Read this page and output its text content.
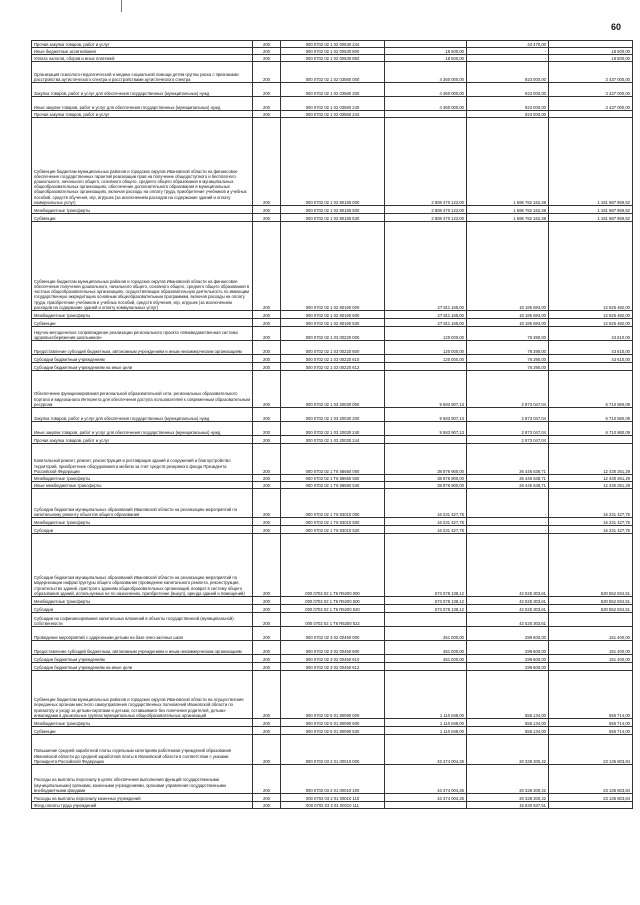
60
Прочая закупка товаров, работ и услуг	200	000 0702 02 1 02 00530 244		43 470,00	
Иные бюджетные ассигнования	200	000 0702 02 1 02 00530 800	18 500,00	-	18 500,00
Уплата налогов, сборов и иных платежей	200	000 0702 02 1 02 00530 850	18 500,00	-	18 500,00
Организация психолого-педагогической и медико-социальной помощи детям группы риска с признаками расстройства аутистического спектра и расстройствами аутистического спектра	200	000 0702 02 1 02 03560 000	4 360 000,00	923 000,00	3 437 000,00
Закупка товаров, работ и услуг для обеспечения государственных (муниципальных) нужд	200	000 0702 02 1 02 03560 200	4 360 000,00	923 000,00	3 437 000,00
Иные закупки товаров, работ и услуг для обеспечения государственных (муниципальных) нужд	200	000 0702 02 1 02 03560 240	4 360 000,00	923 000,00	3 437 000,00
Прочая закупка товаров, работ и услуг	200	000 0702 02 1 02 03560 244		923 000,00	
Субвенции бюджетам муниципальных районов и городских округов Ивановской области на финансовое обеспечение государственных гарантий реализации прав на получение общедоступного и бесплатного дошкольного, начального общего, основного общего, среднего общего образования в муниципальных общеобразовательных организациях, обеспечение дополнительного образования в муниципальных общеобразовательных организациях, включая расходы на оплату труда, приобретение учебников и учебных пособий, средств обучения, игр, игрушек (за исключением расходов на содержание зданий и оплату коммунальных услуг)	200	000 0702 02 1 02 80150 000	2 858 470 122,00	1 696 782 162,48	1 161 687 959,52
Межбюджетные трансферты	200	000 0702 02 1 02 80150 500	2 858 470 122,00	1 696 782 162,48	1 161 687 959,52
Субвенции	200	000 0702 02 1 02 80150 530	2 858 470 122,00	1 696 782 162,48	1 161 687 959,52
Субвенции бюджетам муниципальных районов и городских округов Ивановской области на финансовое обеспечение получения дошкольного, начального общего, основного общего, среднего общего образования в частных общеобразовательных организациях, осуществляющих образовательную деятельность по имеющим государственную аккредитацию основным общеобразовательным программам, включая расходы на оплату труда, приобретение учебников и учебных пособий, средств обучения, игр, игрушек (за исключением расходов на содержание зданий и оплату коммунальных услуг)	200	000 0702 02 1 02 80160 000	27 811 165,00	15 185 683,00	12 625 482,00
Межбюджетные трансферты	200	000 0702 02 1 02 80160 500	27 811 165,00	15 185 683,00	12 625 482,00
Субвенции	200	000 0702 02 1 02 80160 530	27 811 165,00	15 185 683,00	12 625 482,00
Научно-методическое сопровождение реализации регионального проекта «Межведомственная система здоровьесбережения школьников»	200	000 0702 02 1 03 00220 000	120 000,00	76 390,00	43 610,00
Предоставление субсидий бюджетным, автономным учреждениям и иным некоммерческим организациям	200	000 0702 02 1 03 00220 600	120 000,00	76 390,00	43 610,00
Субсидии бюджетным учреждениям	200	000 0702 02 1 03 00220 610	120 000,00	76 390,00	43 610,00
Субсидии бюджетным учреждениям на иные цели	200	000 0702 02 1 03 00220 612		76 390,00	
Обеспечение функционирования региональной образовательной сети, региональных образовательного портала и видеоканала Интернета для обеспечения доступа пользователей к современным образовательным ресурсам	200	000 0702 02 1 03 20030 000	9 583 907,13	2 873 047,04	6 710 860,09
Закупка товаров, работ и услуг для обеспечения государственных (муниципальных) нужд	200	000 0702 02 1 03 20030 200	9 583 907,13	2 873 047,04	6 710 860,09
Иные закупки товаров, работ и услуг для обеспечения государственных (муниципальных) нужд	200	000 0702 02 1 03 20030 240	9 583 907,13	2 873 047,04	6 710 860,09
Прочая закупка товаров, работ и услуг	200	000 0702 02 1 03 20030 244		2 873 047,04	
Капитальный ремонт, ремонт, реконструкция и реставрация зданий и сооружений и благоустройство территорий, приобретение оборудования и мебели за счет средств резервного фонда Президента Российской Федерации	200	000 0702 02 1 Т6 58650 000	38 876 900,00	26 446 638,71	12 430 261,29
Межбюджетные трансферты	200	000 0702 02 1 Т6 58650 500	38 876 900,00	26 446 638,71	12 430 261,29
Иные межбюджетные трансферты	200	000 0702 02 1 Т6 58650 540	38 876 900,00	26 446 638,71	12 430 261,29
Субсидии бюджетам муниципальных образований Ивановской области на реализацию мероприятий по капитальному ремонту объектов общего образования	200	000 0702 02 1 Т6 83010 000	16 231 427,75	-	16 231 427,75
Межбюджетные трансферты	200	000 0702 02 1 Т6 83010 500	16 231 427,75	-	16 231 427,75
Субсидии	200	000 0702 02 1 Т6 83010 520	16 231 427,75	-	16 231 427,75
Субсидии бюджетам муниципальных образований Ивановской области на реализацию мероприятий по модернизации инфраструктуры общего образования (проведение капитального ремонта, реконструкция, строительство зданий, пристроя к зданиям общеобразовательных организаций, возврат в систему общего образования зданий, используемых не по назначению, приобретение (выкуп), аренда зданий и помещений)	200	000 0702 02 1 Т6 R5200 000	573 078 138,12	42 525 303,61	530 552 834,51
Межбюджетные трансферты	200	000 0702 02 1 Т6 R5200 500	573 078 138,12	42 525 303,61	530 552 834,51
Субсидии	200	000 0702 02 1 Т6 R5200 520	573 078 138,12	42 525 303,61	530 552 834,51
Субсидии на софинансирование капитальных вложений в объекты государственной (муниципальной) собственности	200	000 0702 02 1 Т6 R5200 522		42 525 303,61	
Проведение мероприятий с одаренными детьми на базе очно-заочных школ	200	000 0702 02 3 02 00450 000	451 000,00	299 600,00	151 400,00
Предоставление субсидий бюджетным, автономным учреждениям и иным некоммерческим организациям	200	000 0702 02 3 02 00450 600	451 000,00	299 600,00	151 400,00
Субсидии бюджетным учреждениям	200	000 0702 02 3 02 00450 610	451 000,00	299 600,00	151 400,00
Субсидии бюджетным учреждениям на иные цели	200	000 0702 02 3 02 00450 612		299 600,00	
Субвенции бюджетам муниципальных районов и городских округов Ивановской области на осуществление переданных органам местного самоуправления государственных полномочий Ивановской области по присмотру и уходу за детьми-сиротами и детьми, оставшимися без попечения родителей, детьми-инвалидами в дошкольных группах муниципальных общеобразовательных организаций	200	000 0702 02 5 01 80090 000	1 110 848,00	555 134,00	555 714,00
Межбюджетные трансферты	200	000 0702 02 5 01 80090 500	1 110 848,00	555 134,00	555 714,00
Субвенции	200	000 0702 02 5 01 80090 530	1 110 848,00	555 134,00	555 714,00
Повышение средней заработной платы отдельным категориям работников учреждений образования Ивановской области до средней заработной платы в Ивановской области в соответствии с указами Президента Российской Федерации	200	000 0702 03 2 01 00010 000	43 474 004,26	20 338 200,42	23 135 803,84
Расходы на выплаты персоналу в целях обеспечения выполнения функций государственными (муниципальными) органами, казенными учреждениями, органами управления государственными внебюджетными фондами	200	000 0702 03 2 01 00010 100	43 474 004,26	20 338 200,42	23 135 803,84
Расходы на выплаты персоналу казенных учреждений	200	000 0702 03 2 01 00010 110	43 474 004,26	20 338 200,42	23 135 803,84
Фонд оплаты труда учреждений	200	000 0702 03 2 01 00010 111		15 630 537,51	
